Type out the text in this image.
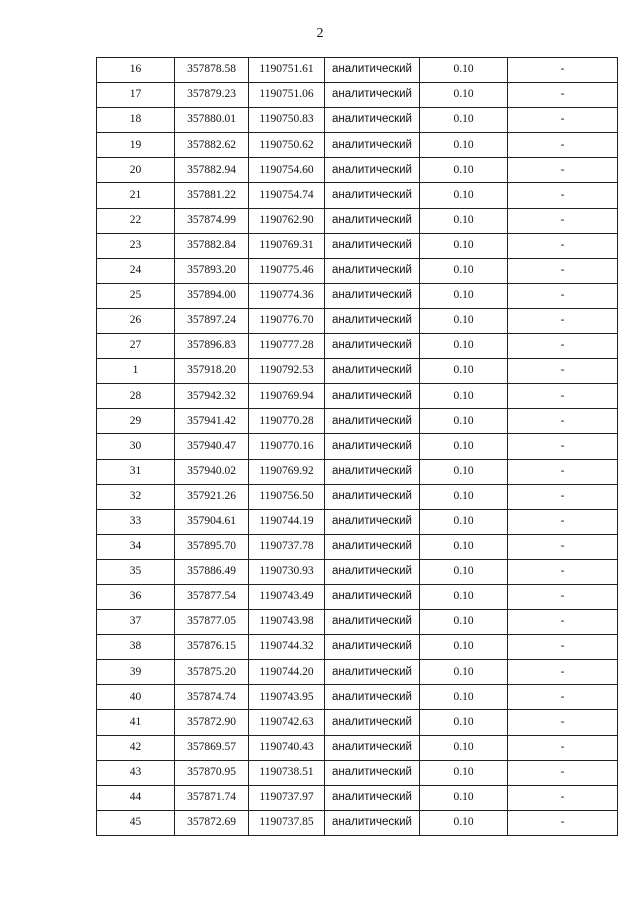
2
16	357878.58	1190751.61	аналитический	0.10	-
17	357879.23	1190751.06	аналитический	0.10	-
18	357880.01	1190750.83	аналитический	0.10	-
19	357882.62	1190750.62	аналитический	0.10	-
20	357882.94	1190754.60	аналитический	0.10	-
21	357881.22	1190754.74	аналитический	0.10	-
22	357874.99	1190762.90	аналитический	0.10	-
23	357882.84	1190769.31	аналитический	0.10	-
24	357893.20	1190775.46	аналитический	0.10	-
25	357894.00	1190774.36	аналитический	0.10	-
26	357897.24	1190776.70	аналитический	0.10	-
27	357896.83	1190777.28	аналитический	0.10	-
1	357918.20	1190792.53	аналитический	0.10	-
28	357942.32	1190769.94	аналитический	0.10	-
29	357941.42	1190770.28	аналитический	0.10	-
30	357940.47	1190770.16	аналитический	0.10	-
31	357940.02	1190769.92	аналитический	0.10	-
32	357921.26	1190756.50	аналитический	0.10	-
33	357904.61	1190744.19	аналитический	0.10	-
34	357895.70	1190737.78	аналитический	0.10	-
35	357886.49	1190730.93	аналитический	0.10	-
36	357877.54	1190743.49	аналитический	0.10	-
37	357877.05	1190743.98	аналитический	0.10	-
38	357876.15	1190744.32	аналитический	0.10	-
39	357875.20	1190744.20	аналитический	0.10	-
40	357874.74	1190743.95	аналитический	0.10	-
41	357872.90	1190742.63	аналитический	0.10	-
42	357869.57	1190740.43	аналитический	0.10	-
43	357870.95	1190738.51	аналитический	0.10	-
44	357871.74	1190737.97	аналитический	0.10	-
45	357872.69	1190737.85	аналитический	0.10	-
